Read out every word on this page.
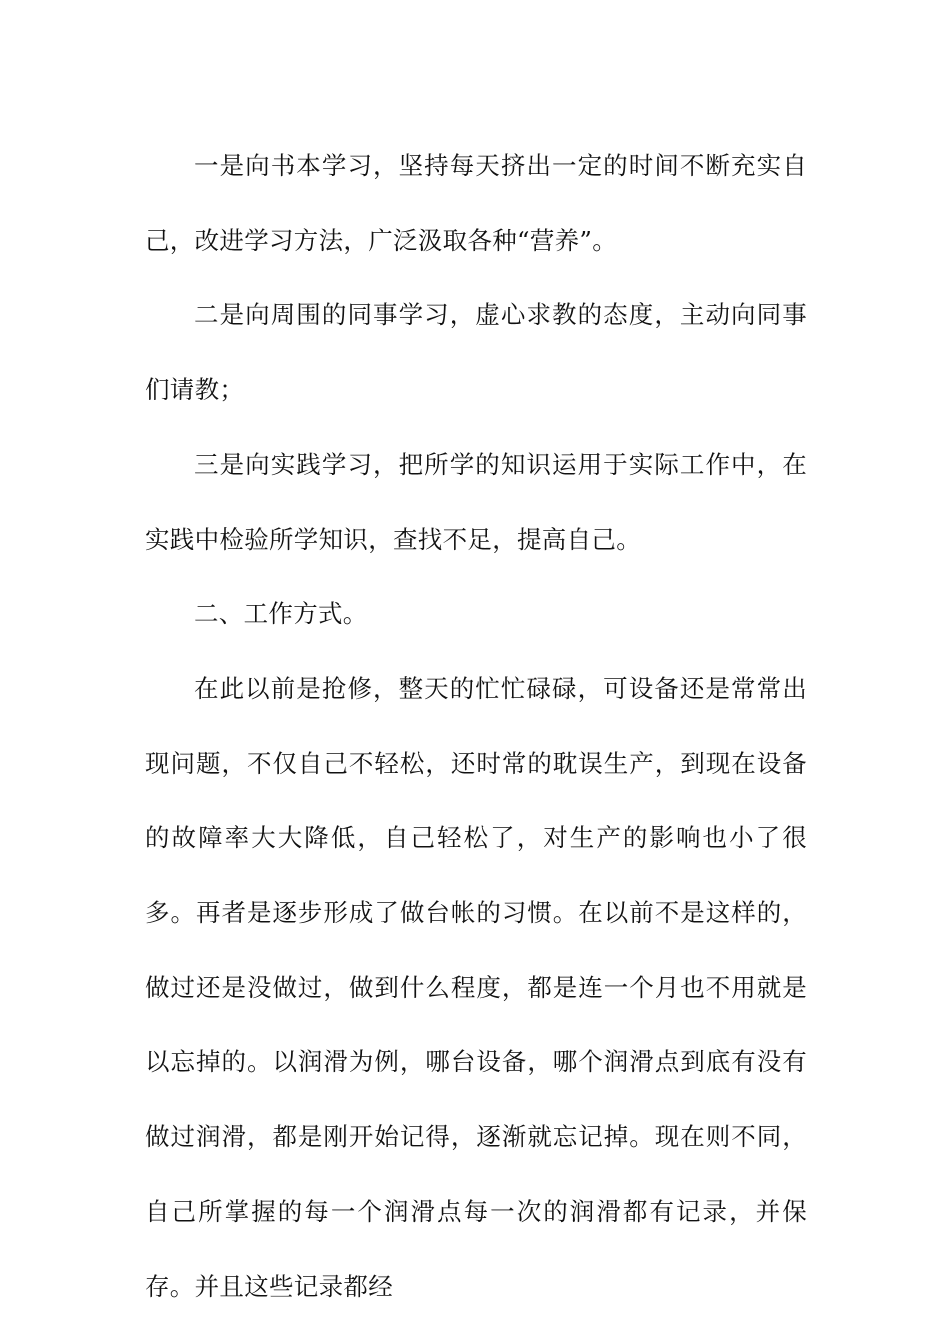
一是向书本学习，坚持每天挤出一定的时间不断充实自己，改进学习方法，广泛汲取各种“营养”。

二是向周围的同事学习，虚心求教的态度，主动向同事们请教；

三是向实践学习，把所学的知识运用于实际工作中，在实践中检验所学知识，查找不足，提高自己。

二、工作方式。

在此以前是抢修，整天的忙忙碌碌，可设备还是常常出现问题，不仅自己不轻松，还时常的耽误生产，到现在设备的故障率大大降低，自己轻松了，对生产的影响也小了很多。再者是逐步形成了做台帐的习惯。在以前不是这样的，做过还是没做过，做到什么程度，都是连一个月也不用就是以忘掉的。以润滑为例，哪台设备，哪个润滑点到底有没有做过润滑，都是刚开始记得，逐渐就忘记掉。现在则不同，自己所掌握的每一个润滑点每一次的润滑都有记录，并保存。并且这些记录都经
